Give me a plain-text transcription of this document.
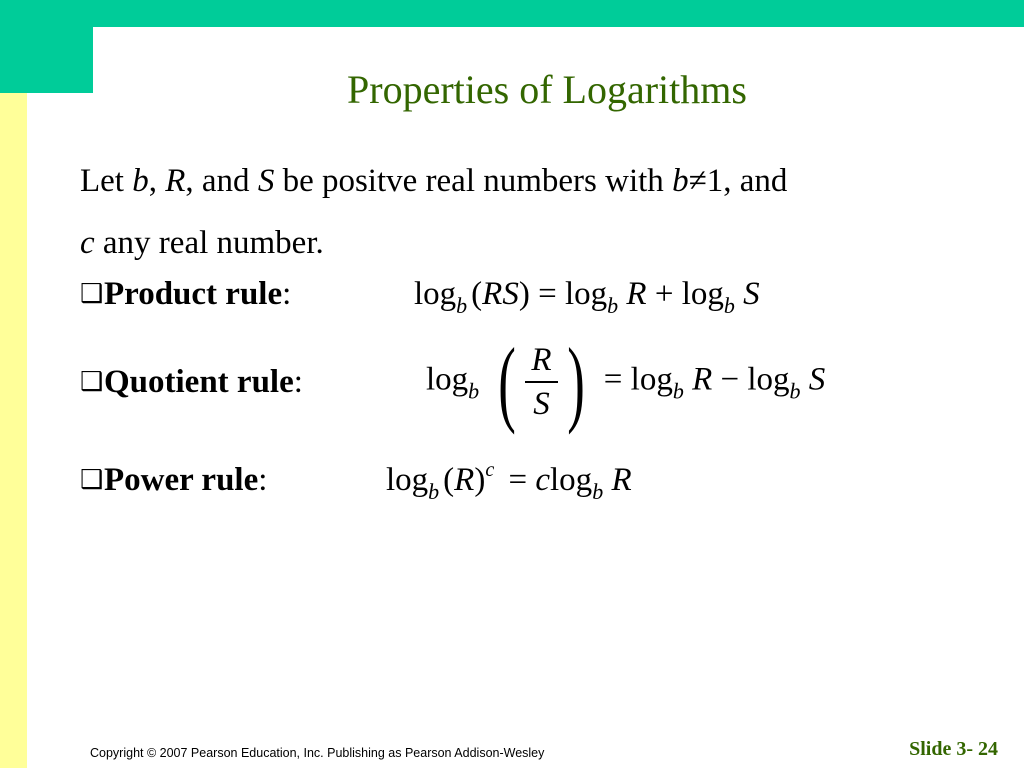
Properties of Logarithms
Let b, R, and S be positve real numbers with b≠1, and
c any real number.
❑Product rule:	$\log_b (RS) = \log_b R + \log_b S$
❑Quotient rule:	$\log_b$ ( $\frac{R}{S}$ ) = $\log_b R - \log_b S$
❑Power rule:	$\log_b (R)^c = clog_b$ R
Copyright © 2007 Pearson Education, Inc. Publishing as Pearson Addison-Wesley	Slide 3- 24
